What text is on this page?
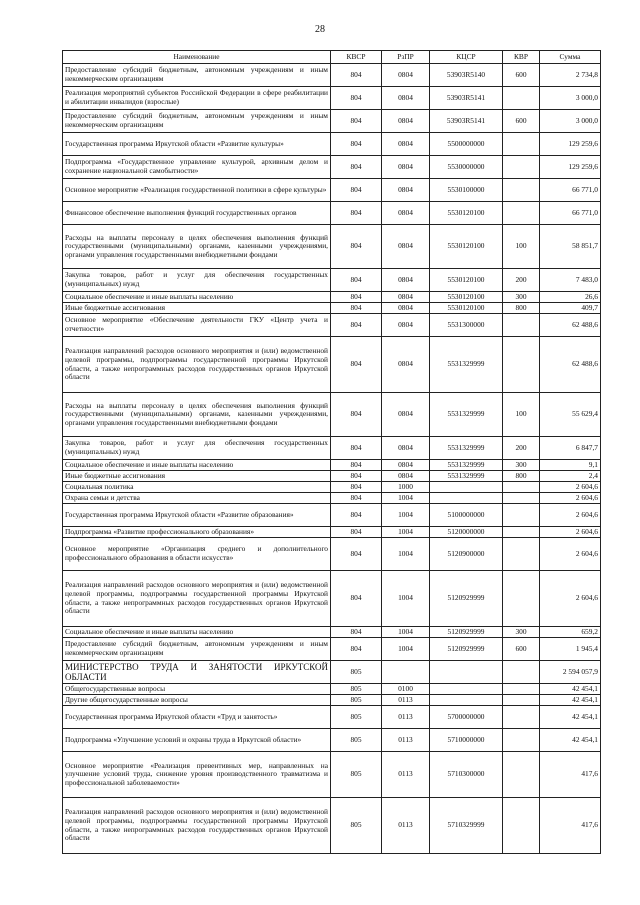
28
Наименование	КВСР	РзПР	КЦСР	КВР	Сумма
Предоставление субсидий бюджетным, автономным учреждениям и иным некоммерческим организациям	804	0804	53903R5140	600	2 734,8
Реализация мероприятий субъектов Российской Федерации в сфере реабилитации и абилитации инвалидов (взрослые)	804	0804	53903R5141		3 000,0
Предоставление субсидий бюджетным, автономным учреждениям и иным некоммерческим организациям	804	0804	53903R5141	600	3 000,0
Государственная программа Иркутской области «Развитие культуры»	804	0804	5500000000		129 259,6
Подпрограмма «Государственное управление культурой, архивным делом и сохранение национальной самобытности»	804	0804	5530000000		129 259,6
Основное мероприятие «Реализация государственной политики в сфере культуры»	804	0804	5530100000		66 771,0
Финансовое обеспечение выполнения функций государственных органов	804	0804	5530120100		66 771,0
Расходы на выплаты персоналу в целях обеспечения выполнения функций государственными (муниципальными) органами, казенными учреждениями, органами управления государственными внебюджетными фондами	804	0804	5530120100	100	58 851,7
Закупка товаров, работ и услуг для обеспечения государственных (муниципальных) нужд	804	0804	5530120100	200	7 483,0
Социальное обеспечение и иные выплаты населению	804	0804	5530120100	300	26,6
Иные бюджетные ассигнования	804	0804	5530120100	800	409,7
Основное мероприятие «Обеспечение деятельности ГКУ «Центр учета и отчетности»	804	0804	5531300000		62 488,6
Реализация направлений расходов основного мероприятия и (или) ведомственной целевой программы, подпрограммы государственной программы Иркутской области, а также непрограммных расходов государственных органов Иркутской области	804	0804	5531329999		62 488,6
Расходы на выплаты персоналу в целях обеспечения выполнения функций государственными (муниципальными) органами, казенными учреждениями, органами управления государственными внебюджетными фондами	804	0804	5531329999	100	55 629,4
Закупка товаров, работ и услуг для обеспечения государственных (муниципальных) нужд	804	0804	5531329999	200	6 847,7
Социальное обеспечение и иные выплаты населению	804	0804	5531329999	300	9,1
Иные бюджетные ассигнования	804	0804	5531329999	800	2,4
Социальная политика	804	1000			2 604,6
Охрана семьи и детства	804	1004			2 604,6
Государственная программа Иркутской области «Развитие образования»	804	1004	5100000000		2 604,6
Подпрограмма «Развитие профессионального образования»	804	1004	5120000000		2 604,6
Основное мероприятие «Организация среднего и дополнительного профессионального образования в области искусств»	804	1004	5120900000		2 604,6
Реализация направлений расходов основного мероприятия и (или) ведомственной целевой программы, подпрограммы государственной программы Иркутской области, а также непрограммных расходов государственных органов Иркутской области	804	1004	5120929999		2 604,6
Социальное обеспечение и иные выплаты населению	804	1004	5120929999	300	659,2
Предоставление субсидий бюджетным, автономным учреждениям и иным некоммерческим организациям	804	1004	5120929999	600	1 945,4
МИНИСТЕРСТВО ТРУДА И ЗАНЯТОСТИ ИРКУТСКОЙ ОБЛАСТИ	805				2 594 057,9
Общегосударственные вопросы	805	0100			42 454,1
Другие общегосударственные вопросы	805	0113			42 454,1
Государственная программа Иркутской области «Труд и занятость»	805	0113	5700000000		42 454,1
Подпрограмма «Улучшение условий и охраны труда в Иркутской области»	805	0113	5710000000		42 454,1
Основное мероприятие «Реализация превентивных мер, направленных на улучшение условий труда, снижение уровня производственного травматизма и профессиональной заболеваемости»	805	0113	5710300000		417,6
Реализация направлений расходов основного мероприятия и (или) ведомственной целевой программы, подпрограммы государственной программы Иркутской области, а также непрограммных расходов государственных органов Иркутской области	805	0113	5710329999		417,6
